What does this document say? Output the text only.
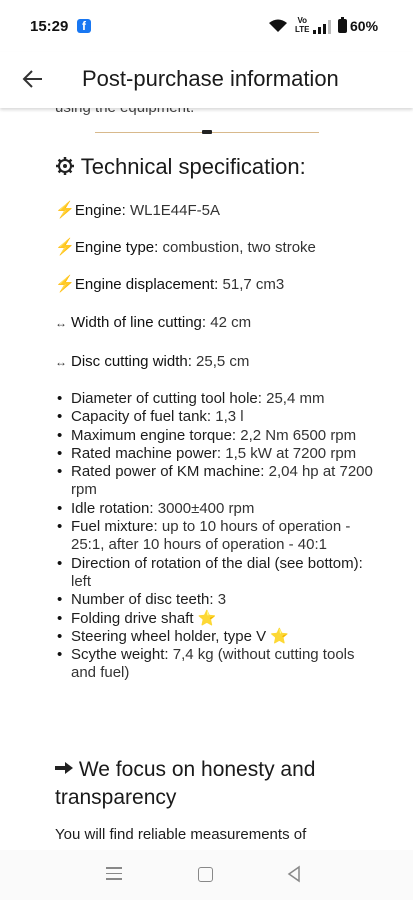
15:29	f	Vo
LTE	60%
Post-purchase information
Technical specification:
⚡Engine: WL1E44F-5A
⚡Engine type: combustion, two stroke
⚡Engine displacement: 51,7 cm3
↔ Width of line cutting: 42 cm
↔ Disc cutting width: 25,5 cm
• Diameter of cutting tool hole: 25,4 mm
• Capacity of fuel tank: 1,3 l
• Maximum engine torque: 2,2 Nm 6500 rpm
• Rated machine power: 1,5 kW at 7200 rpm
• Rated power of KM machine: 2,04 hp at 7200 rpm
• Idle rotation: 3000±400 rpm
• Fuel mixture: up to 10 hours of operation - 25:1, after 10 hours of operation - 40:1
• Direction of rotation of the dial (see bottom): left
• Number of disc teeth: 3
• Folding drive shaft ⭐
• Steering wheel holder, type V ⭐
• Scythe weight: 7,4 kg (without cutting tools and fuel)
We focus on honesty and transparency
You will find reliable measurements of
